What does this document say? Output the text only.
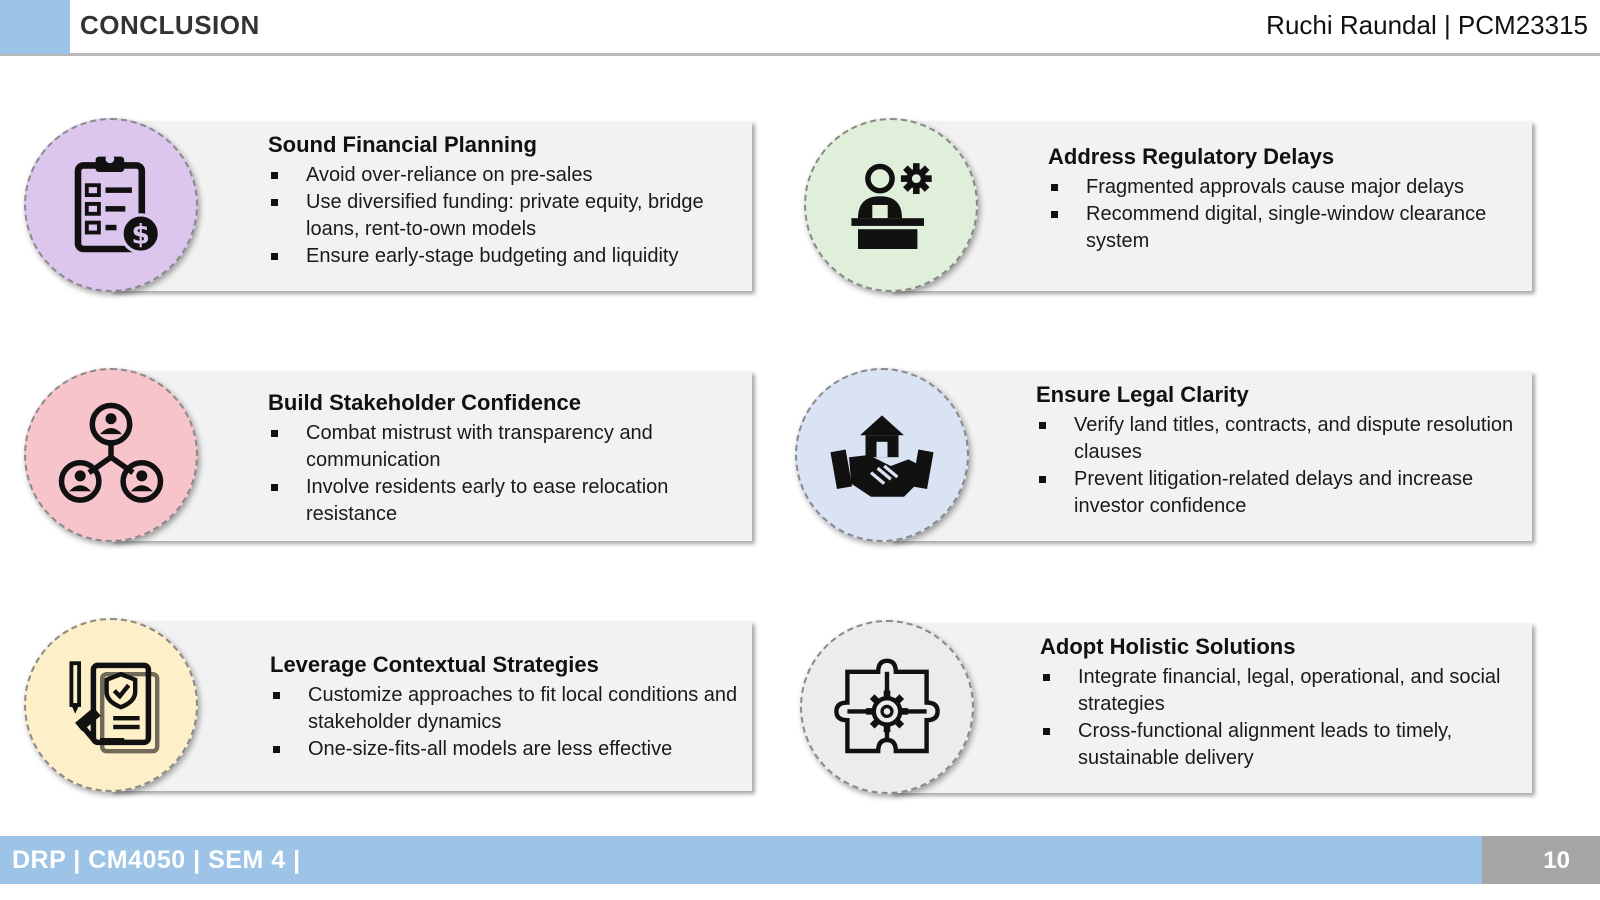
CONCLUSION	Ruchi Raundal | PCM23315
$
Sound Financial Planning
Avoid over-reliance on pre-sales
Use diversified funding: private equity, bridge loans, rent-to-own models
Ensure early-stage budgeting and liquidity
Address Regulatory Delays
Fragmented approvals cause major delays
Recommend digital, single-window clearance system
Build Stakeholder Confidence
Combat mistrust with transparency and communication
Involve residents early to ease relocation resistance
Ensure Legal Clarity
Verify land titles, contracts, and dispute resolution clauses
Prevent litigation-related delays and increase investor confidence
Leverage Contextual Strategies
Customize approaches to fit local conditions and stakeholder dynamics
One-size-fits-all models are less effective
Adopt Holistic Solutions
Integrate financial, legal, operational, and social strategies
Cross-functional alignment leads to timely, sustainable delivery
DRP | CM4050 | SEM 4 |	10
